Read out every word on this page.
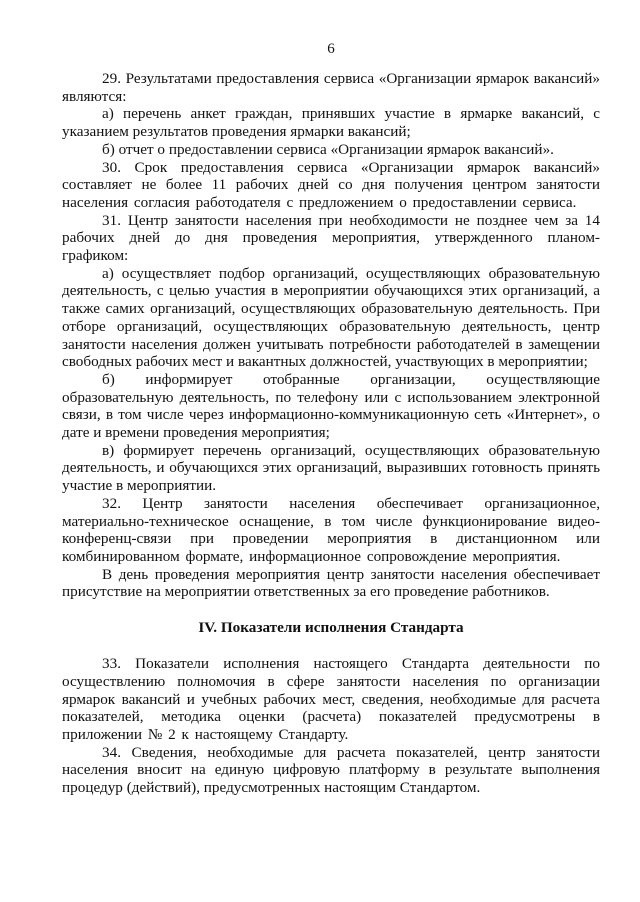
6

29. Результатами предоставления сервиса «Организации ярмарок вакансий» являются:

а) перечень анкет граждан, принявших участие в ярмарке вакансий, с указанием результатов проведения ярмарки вакансий;

б) отчет о предоставлении сервиса «Организации ярмарок вакансий».

30. Срок предоставления сервиса «Организации ярмарок вакансий» составляет не более 11 рабочих дней со дня получения центром занятости населения согласия работодателя с предложением о предоставлении сервиса.

31. Центр занятости населения при необходимости не позднее чем за 14 рабочих дней до дня проведения мероприятия, утвержденного планом-графиком:

а) осуществляет подбор организаций, осуществляющих образовательную деятельность, с целью участия в мероприятии обучающихся этих организаций, а также самих организаций, осуществляющих образовательную деятельность. При отборе организаций, осуществляющих образовательную деятельность, центр занятости населения должен учитывать потребности работодателей в замещении свободных рабочих мест и вакантных должностей, участвующих в мероприятии;

б) информирует отобранные организации, осуществляющие образовательную деятельность, по телефону или с использованием электронной связи, в том числе через информационно-коммуникационную сеть «Интернет», о дате и времени проведения мероприятия;

в) формирует перечень организаций, осуществляющих образовательную деятельность, и обучающихся этих организаций, выразивших готовность принять участие в мероприятии.

32. Центр занятости населения обеспечивает организационное, материально-техническое оснащение, в том числе функционирование видео-конференц-связи при проведении мероприятия в дистанционном или комбинированном формате, информационное сопровождение мероприятия.

В день проведения мероприятия центр занятости населения обеспечивает присутствие на мероприятии ответственных за его проведение работников.

IV. Показатели исполнения Стандарта

33. Показатели исполнения настоящего Стандарта деятельности по осуществлению полномочия в сфере занятости населения по организации ярмарок вакансий и учебных рабочих мест, сведения, необходимые для расчета показателей, методика оценки (расчета) показателей предусмотрены в приложении № 2 к настоящему Стандарту.

34. Сведения, необходимые для расчета показателей, центр занятости населения вносит на единую цифровую платформу в результате выполнения процедур (действий), предусмотренных настоящим Стандартом.
